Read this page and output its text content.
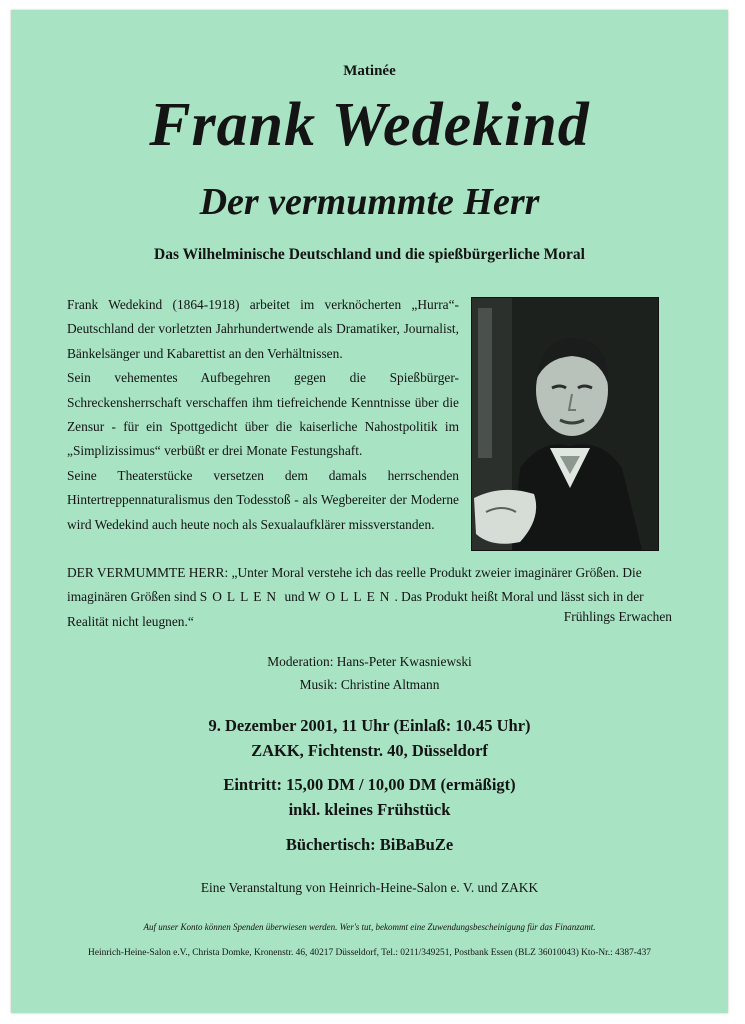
Matinée
Frank Wedekind
Der vermummte Herr
Das Wilhelminische Deutschland und die spießbürgerliche Moral

Frank Wedekind (1864-1918) arbeitet im verknöcherten „Hurra“-Deutschland der vorletzten Jahrhundertwende als Dramatiker, Journalist, Bänkelsänger und Kabarettist an den Verhältnissen.

Sein vehementes Aufbegehren gegen die Spießbürger-Schreckensherrschaft verschaffen ihm tiefreichende Kenntnisse über die Zensur - für ein Spottgedicht über die kaiserliche Nahostpolitik im „Simplizissimus“ verbüßt er drei Monate Festungshaft.

Seine Theaterstücke versetzen dem damals herrschenden Hintertreppennaturalismus den Todesstoß - als Wegbereiter der Moderne wird Wedekind auch heute noch als Sexualaufklärer missverstanden.

DER VERMUMMTE HERR: „Unter Moral verstehe ich das reelle Produkt zweier imaginärer Größen. Die imaginären Größen sind SOLLEN und WOLLEN. Das Produkt heißt Moral und lässt sich in der Realität nicht leugnen.“	Frühlings Erwachen
Moderation: Hans-Peter Kwasniewski
Musik: Christine Altmann
9. Dezember 2001, 11 Uhr (Einlaß: 10.45 Uhr)
ZAKK, Fichtenstr. 40, Düsseldorf
Eintritt: 15,00 DM / 10,00 DM (ermäßigt)
inkl. kleines Frühstück
Büchertisch: BiBaBuZe
Eine Veranstaltung von Heinrich-Heine-Salon e. V. und ZAKK
Auf unser Konto können Spenden überwiesen werden. Wer's tut, bekommt eine Zuwendungsbescheinigung für das Finanzamt.
Heinrich-Heine-Salon e.V., Christa Domke, Kronenstr. 46, 40217 Düsseldorf, Tel.: 0211/349251, Postbank Essen (BLZ 36010043) Kto-Nr.: 4387-437
